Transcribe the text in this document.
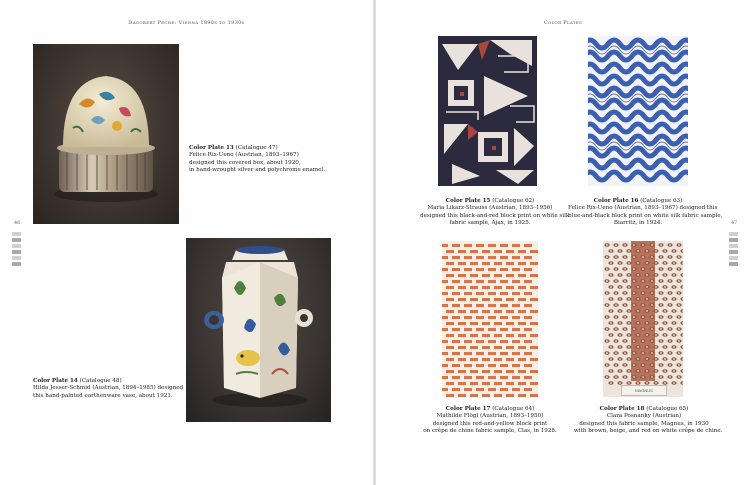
Dagobert Peche: Vienna 1890s to 1930s	Color Plates
46	47
Color Plate 13 (Catalogue 47)
Felice Rix-Ueno (Austrian, 1893–1967)
designed this covered box, about 1920,
in hand-wrought silver and polychrome enamel.
Color Plate 14 (Catalogue 48)
Hilda Jesser-Schmid (Austrian, 1894–1985) designed
this hand-painted earthenware vase, about 1921.
Color Plate 15 (Catalogue 62)
Maria Likarz-Strauss (Austrian, 1893–1956)
designed this black-and-red block print on white silk
fabric sample, Ajax, in 1925.
Color Plate 16 (Catalogue 63)
Felice Rix-Ueno (Austrian, 1893–1967) designed this
blue-and-black block print on white silk fabric sample,
Biarritz, in 1924.
Color Plate 17 (Catalogue 64)
Mathilde Flögl (Austrian, 1893–1950)
designed this red-and-yellow block print
on crêpe de chine fabric sample, Clas, in 1928.
MAGNUS
Color Plate 18 (Catalogue 65)
Clara Posnanky (Austrian)
designed this fabric sample, Magnus, in 1930
with brown, beige, and red on white crêpe de chine.
